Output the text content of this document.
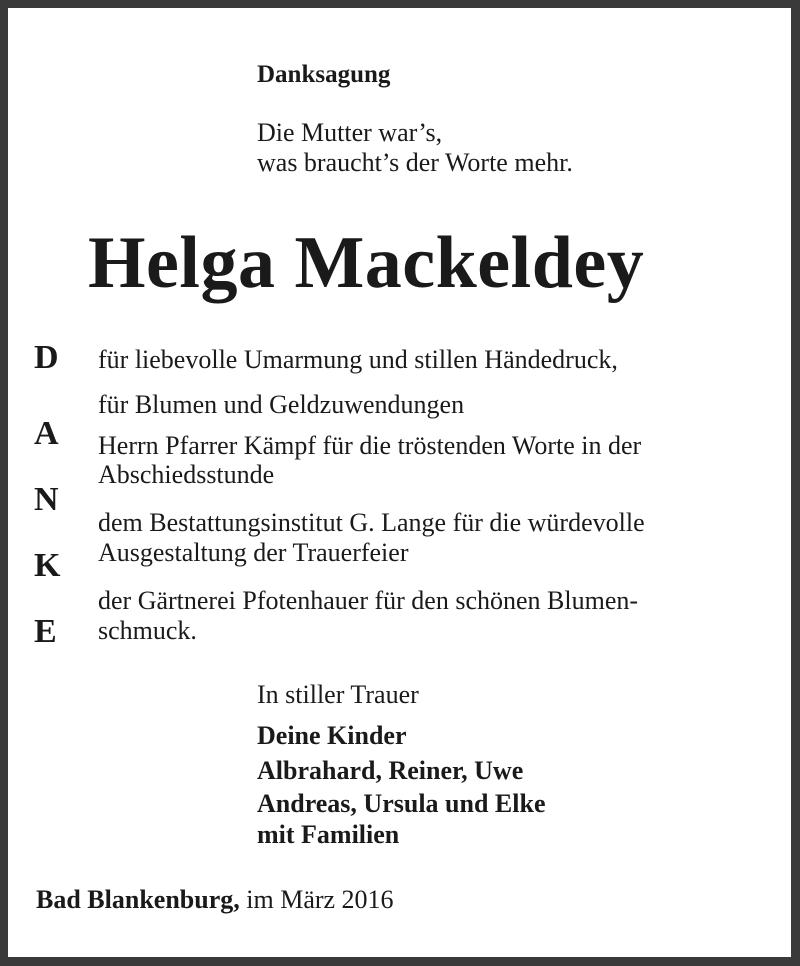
Danksagung
Die Mutter war’s,
was braucht’s der Worte mehr.
Helga Mackeldey
D
A
N
K
E
für liebevolle Umarmung und stillen Händedruck,
für Blumen und Geldzuwendungen
Herrn Pfarrer Kämpf für die tröstenden Worte in der
Abschiedsstunde
dem Bestattungsinstitut G. Lange für die würdevolle
Ausgestaltung der Trauerfeier
der Gärtnerei Pfotenhauer für den schönen Blumen-
schmuck.
In stiller Trauer
Deine Kinder
Albrahard, Reiner, Uwe
Andreas, Ursula und Elke
mit Familien
Bad Blankenburg, im März 2016
